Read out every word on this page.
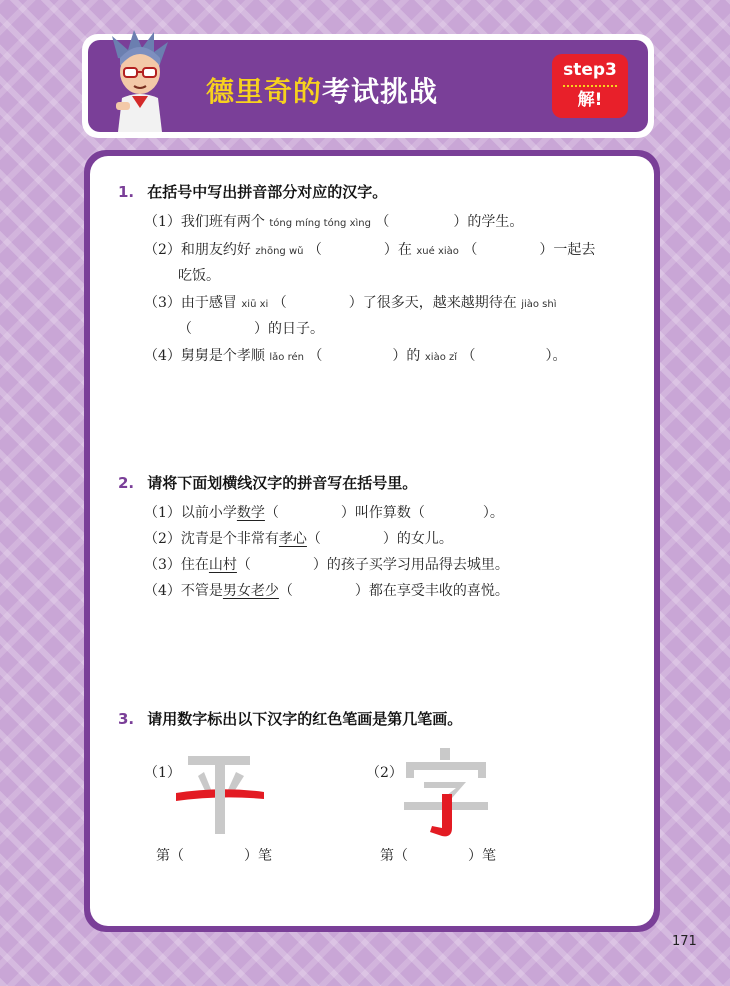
德里奇的考试挑战
step3
解!
1. 在括号中写出拼音部分对应的汉字。
（1）我们班有两个 tóng míng tóng xìng （	）的学生。
（2）和朋友约好 zhōng wǔ （	）在 xué xiào （	）一起去
吃饭。
（3）由于感冒 xiū xi （	）了很多天，越来越期待在 jiào shì
（	）的日子。
（4）舅舅是个孝顺 lǎo rén （	）的 xiào zǐ （	）。
2. 请将下面划横线汉字的拼音写在括号里。
（1）以前小学数学（	）叫作算数（	）。
（2）沈青是个非常有孝心（	）的女儿。
（3）住在山村（	）的孩子买学习用品得去城里。
（4）不管是男女老少（	）都在享受丰收的喜悦。
3. 请用数字标出以下汉字的红色笔画是第几笔画。
（1）
第（	）笔
（2）
第（	）笔
171
